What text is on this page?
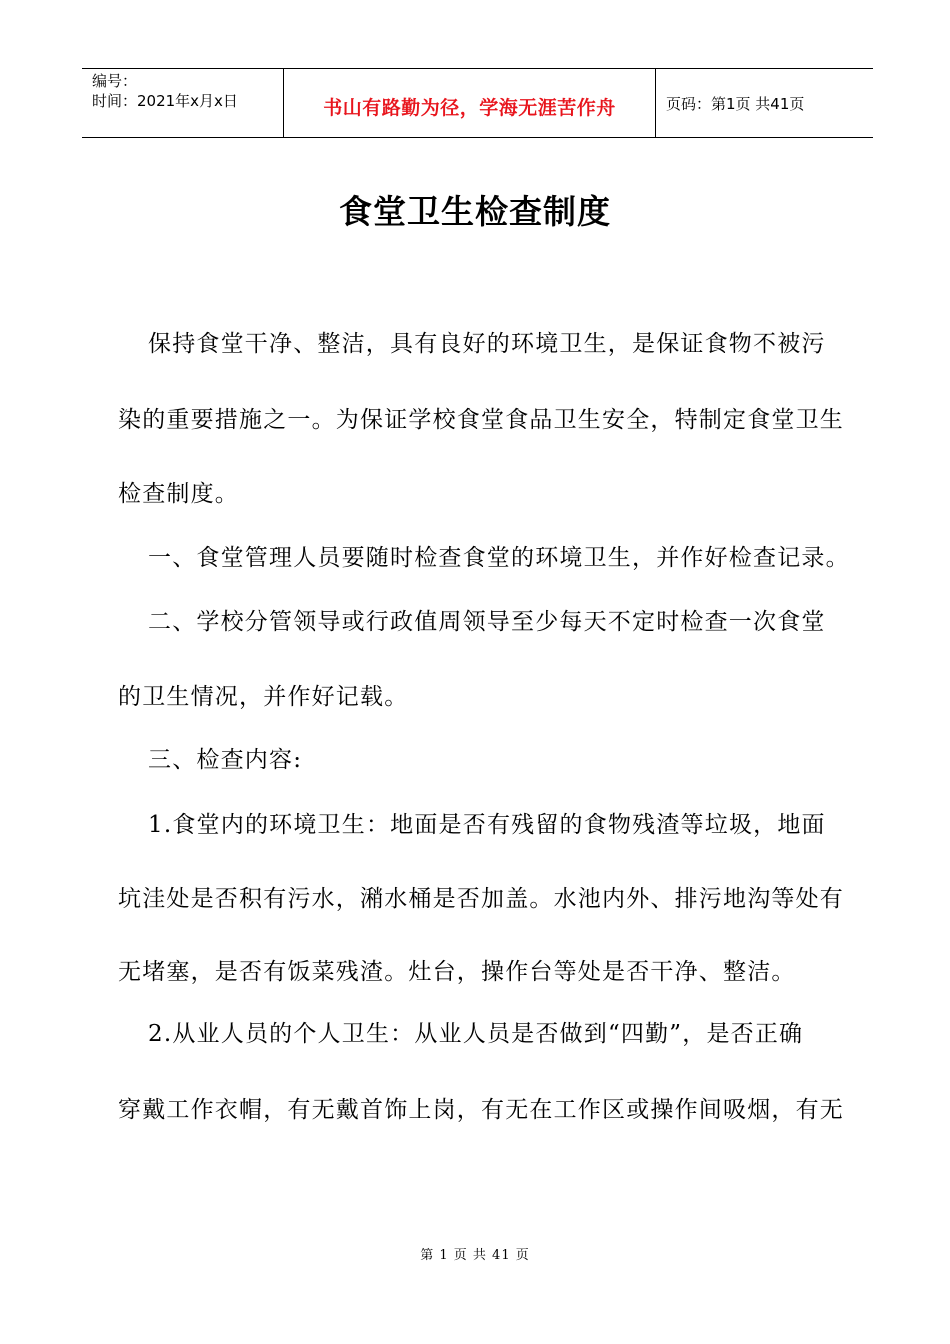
编号：
时间：2021年x月x日	书山有路勤为径，学海无涯苦作舟	页码：第1页 共41页
食堂卫生检查制度
保持食堂干净、整洁，具有良好的环境卫生，是保证食物不被污
染的重要措施之一。为保证学校食堂食品卫生安全，特制定食堂卫生
检查制度。
一、食堂管理人员要随时检查食堂的环境卫生，并作好检查记录。
二、学校分管领导或行政值周领导至少每天不定时检查一次食堂
的卫生情况，并作好记载。
三、检查内容:
1.食堂内的环境卫生：地面是否有残留的食物残渣等垃圾，地面
坑洼处是否积有污水，潲水桶是否加盖。水池内外、排污地沟等处有
无堵塞，是否有饭菜残渣。灶台，操作台等处是否干净、整洁。
2.从业人员的个人卫生：从业人员是否做到“四勤”，是否正确
穿戴工作衣帽，有无戴首饰上岗，有无在工作区或操作间吸烟，有无
第 1 页 共 41 页
